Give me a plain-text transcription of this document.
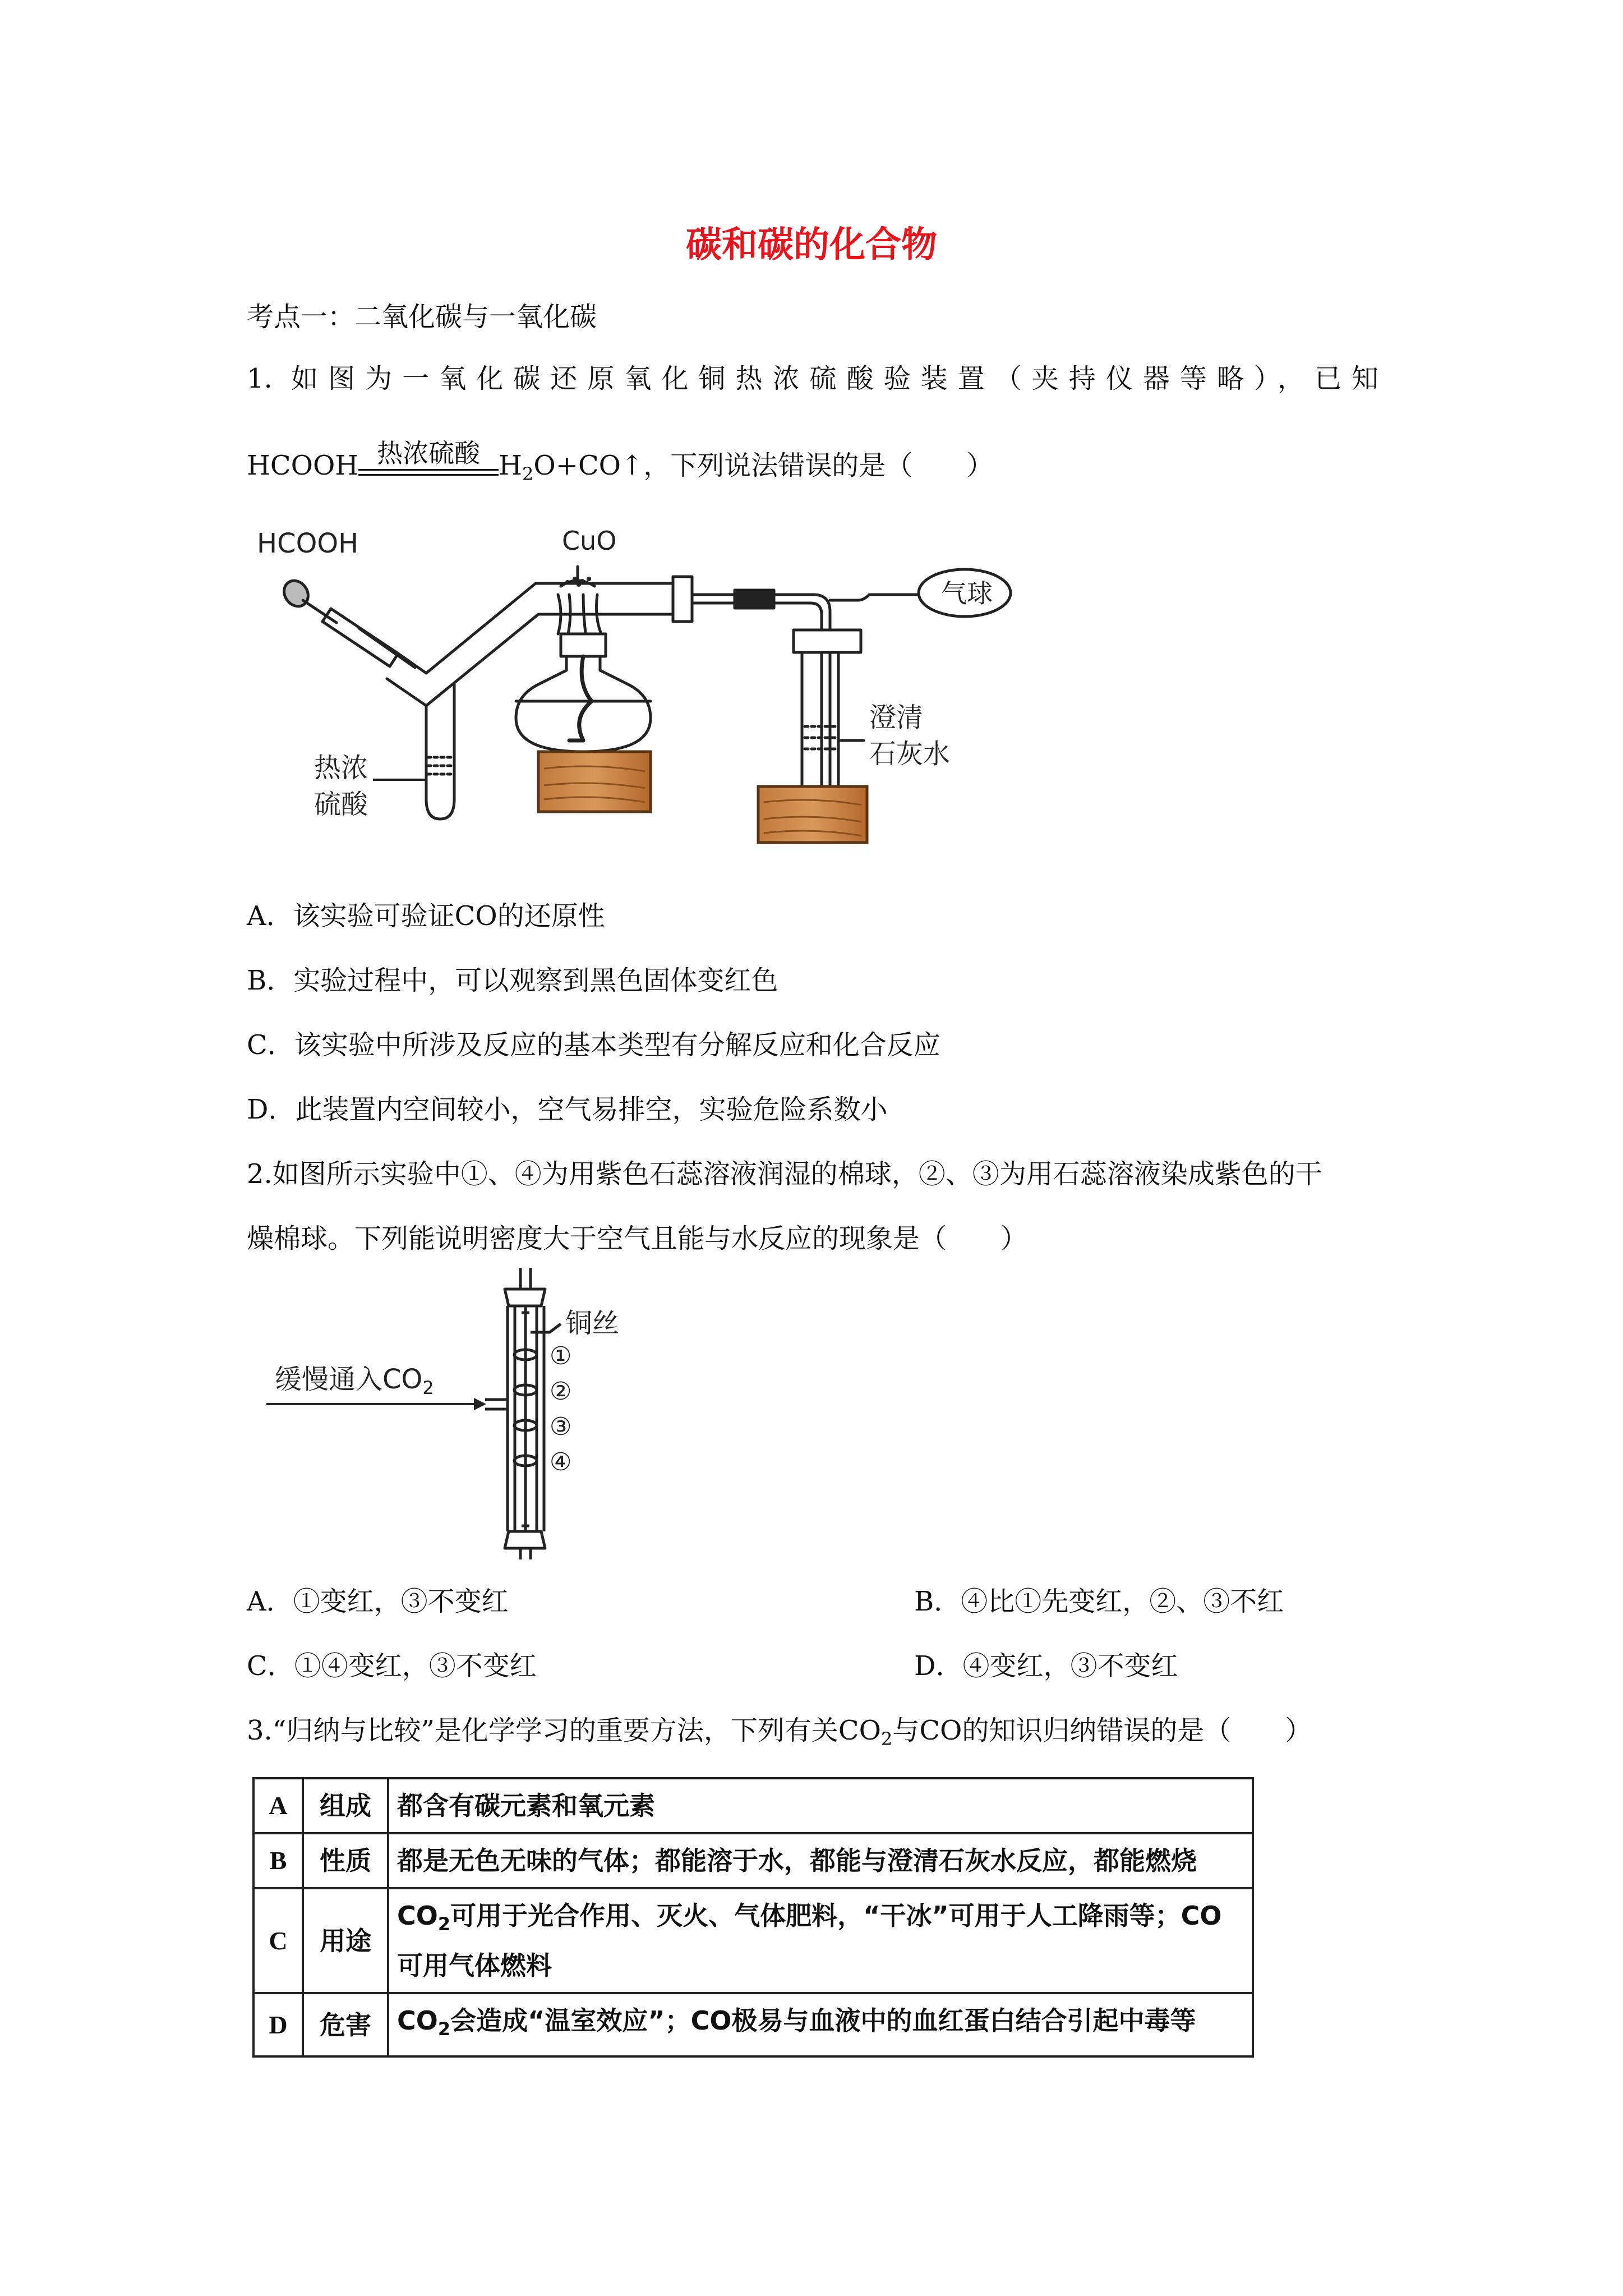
碳和碳的化合物
考点一：二氧化碳与一氧化碳
1. 如图为一氧化碳还原氧化铜热浓硫酸验装置（夹持仪器等略），已知
HCOOH 热浓硫酸 $H_2O+CO↑$，下列说法错误的是（　　）
HCOOH	CuO
气球
热浓
硫酸
澄清
石灰水
A．该实验可验证CO的还原性
B．实验过程中，可以观察到黑色固体变红色
C．该实验中所涉及反应的基本类型有分解反应和化合反应
D．此装置内空间较小，空气易排空，实验危险系数小
2.如图所示实验中①、④为用紫色石蕊溶液润湿的棉球，②、③为用石蕊溶液染成紫色的干
燥棉球。下列能说明密度大于空气且能与水反应的现象是（　　）
缓慢通入$CO_2$
铜丝
①
②
③
④
A．①变红，③不变红	B．④比①先变红，②、③不红
C．①④变红，③不变红	D．④变红，③不变红
3.“归纳与比较”是化学学习的重要方法，下列有关$CO_2$与CO的知识归纳错误的是（　　）
A	组成	都含有碳元素和氧元素
B	性质	都是无色无味的气体；都能溶于水，都能与澄清石灰水反应，都能燃烧
C	用途	$CO_2$可用于光合作用、灭火、气体肥料，“干冰”可用于人工降雨等；CO可用气体燃料
D	危害	$CO_2$会造成“温室效应”；CO极易与血液中的血红蛋白结合引起中毒等
